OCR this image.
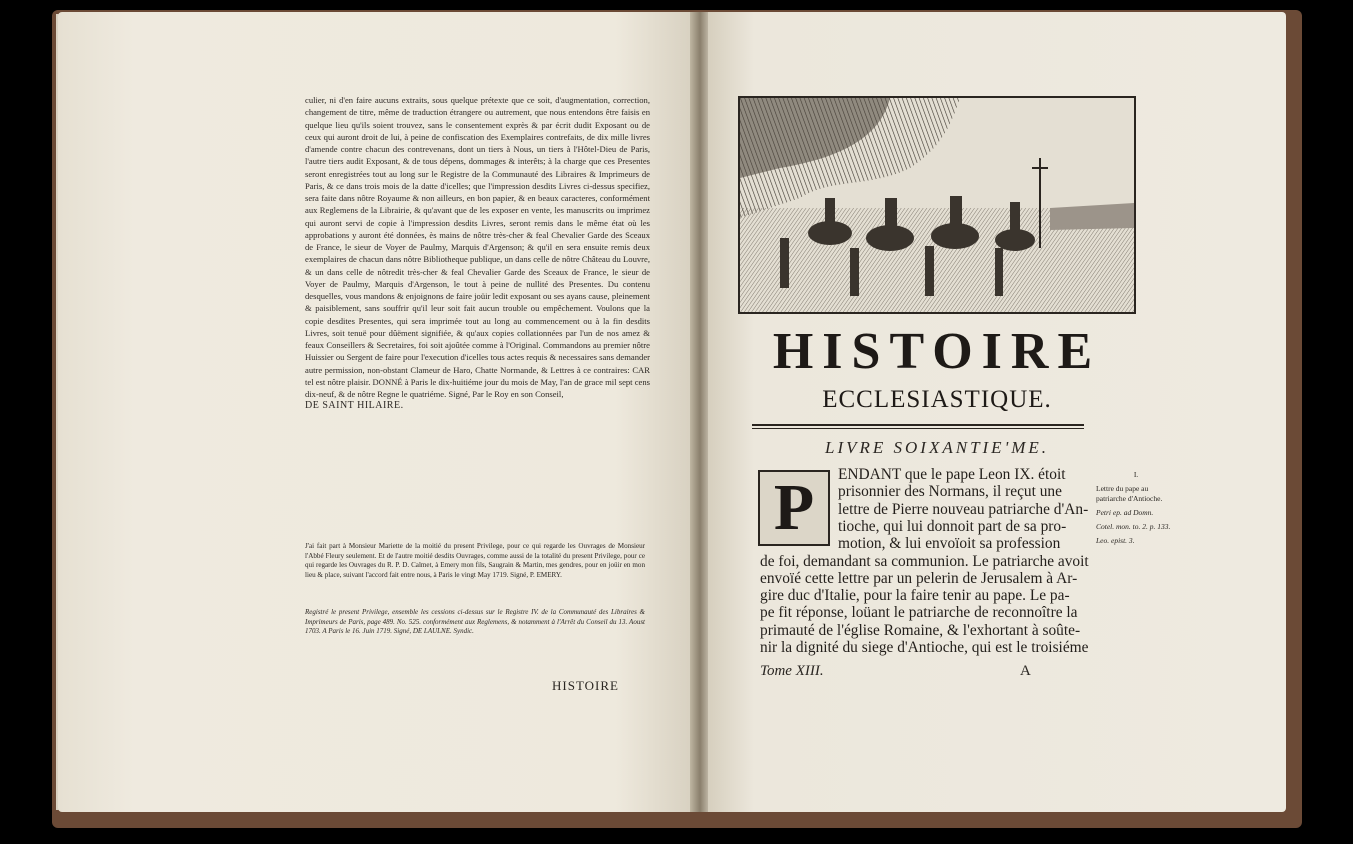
culier, ni d'en faire aucuns extraits, sous quelque prétexte que ce soit, d'augmentation, correction, changement de titre, même de traduction étrangere ou autrement, que nous entendons être faisis en quelque lieu qu'ils soient trouvez, sans le consentement exprès & par écrit dudit Exposant ou de ceux qui auront droit de lui, à peine de confiscation des Exemplaires contrefaits, de dix mille livres d'amende contre chacun des contrevenans, dont un tiers à Nous, un tiers à l'Hôtel-Dieu de Paris, l'autre tiers audit Exposant, & de tous dépens, dommages & interêts; à la charge que ces Presentes seront enregistrées tout au long sur le Registre de la Communauté des Libraires & Imprimeurs de Paris, & ce dans trois mois de la datte d'icelles; que l'impression desdits Livres ci-dessus specifiez, sera faite dans nôtre Royaume & non ailleurs, en bon papier, & en beaux caracteres, conformément aux Reglemens de la Librairie, & qu'avant que de les exposer en vente, les manuscrits ou imprimez qui auront servi de copie à l'impression desdits Livres, seront remis dans le même état où les approbations y auront été données, ès mains de nôtre très-cher & feal Chevalier Garde des Sceaux de France, le sieur de Voyer de Paulmy, Marquis d'Argenson; & qu'il en sera ensuite remis deux exemplaires de chacun dans nôtre Bibliotheque publique, un dans celle de nôtre Château du Louvre, & un dans celle de nôtredit très-cher & feal Chevalier Garde des Sceaux de France, le sieur de Voyer de Paulmy, Marquis d'Argenson, le tout à peine de nullité des Presentes. Du contenu desquelles, vous mandons & enjoignons de faire joüir ledit exposant ou ses ayans cause, pleinement & paisiblement, sans souffrir qu'il leur soit fait aucun trouble ou empêchement. Voulons que la copie desdites Presentes, qui sera imprimée tout au long au commencement ou à la fin desdits Livres, soit tenuë pour dûëment signifiée, & qu'aux copies collationnées par l'un de nos amez & feaux Conseillers & Secretaires, foi soit ajoûtée comme à l'Original. Commandons au premier nôtre Huissier ou Sergent de faire pour l'execution d'icelles tous actes requis & necessaires sans demander autre permission, non-obstant Clameur de Haro, Chatte Normande, & Lettres à ce contraires: CAR tel est nôtre plaisir. DONNÉ à Paris le dix-huitiéme jour du mois de May, l'an de grace mil sept cens dix-neuf, & de nôtre Regne le quatriéme. Signé, Par le Roy en son Conseil,

DE SAINT HILAIRE.

J'ai fait part à Monsieur Mariette de la moitié du present Privilege, pour ce qui regarde les Ouvrages de Monsieur l'Abbé Fleury seulement. Et de l'autre moitié desdits Ouvrages, comme aussi de la totalité du present Privilege, pour ce qui regarde les Ouvrages du R. P. D. Calmet, à Emery mon fils, Saugrain & Martin, mes gendres, pour en joüir en mon lieu & place, suivant l'accord fait entre nous, à Paris le vingt May 1719. Signé, P. EMERY.
Registré le present Privilege, ensemble les cessions ci-dessus sur le Registre IV. de la Communauté des Libraires & Imprimeurs de Paris, page 489. No. 525. conformément aux Reglemens, & notamment à l'Arrêt du Conseil du 13. Aoust 1703. A Paris le 16. Juin 1719. Signé, DE LAULNE. Syndic.
HISTOIRE
HISTOIRE
ECCLESIASTIQUE.
LIVRE SOIXANTIE'ME.
P	ENDANT que le pape Leon IX. étoit
prisonnier des Normans, il reçut une
lettre de Pierre nouveau patriarche d'An-
tioche, qui lui donnoit part de sa pro-
motion, & lui envoïoit sa profession
de foi, demandant sa communion. Le patriarche avoit
envoïé cette lettre par un pelerin de Jerusalem à Ar-
gire duc d'Italie, pour la faire tenir au pape. Le pa-
pe fit réponse, loüant le patriarche de reconnoître la
primauté de l'église Romaine, & l'exhortant à soûte-
I.
Lettre du pape au patriarche d'Antioche.
Petri ep. ad Domn.
Cotel. mon. to. 2. p. 133.
Leo. epist. 3.
nir la dignité du siege d'Antioche, qui est le troisiéme
Tome XIII.	A
